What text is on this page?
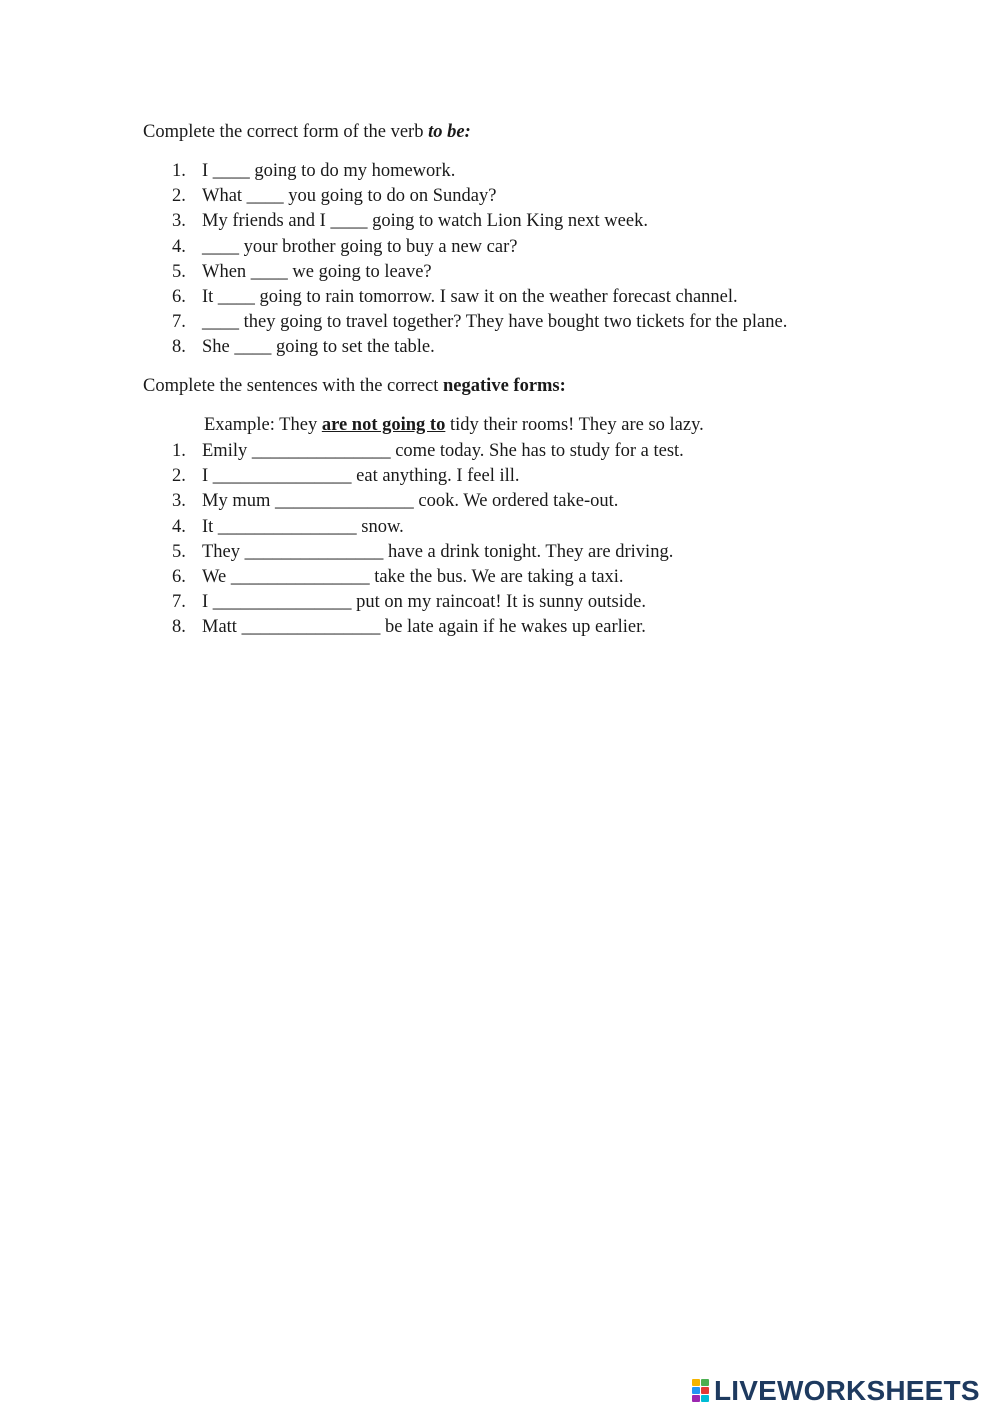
Complete the correct form of the verb to be:
1. I ____ going to do my homework.
2. What ____ you going to do on Sunday?
3. My friends and I ____ going to watch Lion King next week.
4. ____ your brother going to buy a new car?
5. When ____ we going to leave?
6. It ____ going to rain tomorrow. I saw it on the weather forecast channel.
7. ____ they going to travel together? They have bought two tickets for the plane.
8. She ____ going to set the table.
Complete the sentences with the correct negative forms:
Example: They are not going to tidy their rooms! They are so lazy.
1. Emily _______________ come today. She has to study for a test.
2. I _______________ eat anything. I feel ill.
3. My mum _______________ cook. We ordered take-out.
4. It _______________ snow.
5. They _______________ have a drink tonight. They are driving.
6. We _______________ take the bus. We are taking a taxi.
7. I _______________ put on my raincoat! It is sunny outside.
8. Matt _______________ be late again if he wakes up earlier.
LIVEWORKSHEETS
